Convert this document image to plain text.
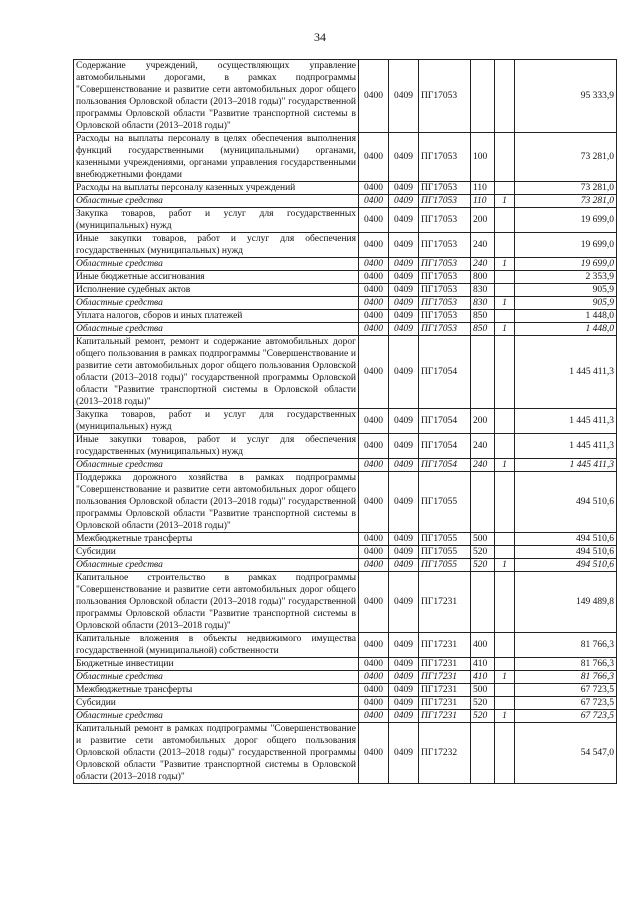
34
Содержание учреждений, осуществляющих управление автомобильными дорогами, в рамках подпрограммы "Совершенствование и развитие сети автомобильных дорог общего пользования Орловской области (2013–2018 годы)" государственной программы Орловской области "Развитие транспортной системы в Орловской области (2013–2018 годы)"	0400	0409	ПГ17053			95 333,9
Расходы на выплаты персоналу в целях обеспечения выполнения функций государственными (муниципальными) органами, казенными учреждениями, органами управления государственными внебюджетными фондами	0400	0409	ПГ17053	100		73 281,0
Расходы на выплаты персоналу казенных учреждений	0400	0409	ПГ17053	110		73 281,0
Областные средства	0400	0409	ПГ17053	110	1	73 281,0
Закупка товаров, работ и услуг для государственных (муниципальных) нужд	0400	0409	ПГ17053	200		19 699,0
Иные закупки товаров, работ и услуг для обеспечения государственных (муниципальных) нужд	0400	0409	ПГ17053	240		19 699,0
Областные средства	0400	0409	ПГ17053	240	1	19 699,0
Иные бюджетные ассигнования	0400	0409	ПГ17053	800		2 353,9
Исполнение судебных актов	0400	0409	ПГ17053	830		905,9
Областные средства	0400	0409	ПГ17053	830	1	905,9
Уплата налогов, сборов и иных платежей	0400	0409	ПГ17053	850		1 448,0
Областные средства	0400	0409	ПГ17053	850	1	1 448,0
Капитальный ремонт, ремонт и содержание автомобильных дорог общего пользования в рамках подпрограммы "Совершенствование и развитие сети автомобильных дорог общего пользования Орловской области (2013–2018 годы)" государственной программы Орловской области "Развитие транспортной системы в Орловской области (2013–2018 годы)"	0400	0409	ПГ17054			1 445 411,3
Закупка товаров, работ и услуг для государственных (муниципальных) нужд	0400	0409	ПГ17054	200		1 445 411,3
Иные закупки товаров, работ и услуг для обеспечения государственных (муниципальных) нужд	0400	0409	ПГ17054	240		1 445 411,3
Областные средства	0400	0409	ПГ17054	240	1	1 445 411,3
Поддержка дорожного хозяйства в рамках подпрограммы "Совершенствование и развитие сети автомобильных дорог общего пользования Орловской области (2013–2018 годы)" государственной программы Орловской области "Развитие транспортной системы в Орловской области (2013–2018 годы)"	0400	0409	ПГ17055			494 510,6
Межбюджетные трансферты	0400	0409	ПГ17055	500		494 510,6
Субсидии	0400	0409	ПГ17055	520		494 510,6
Областные средства	0400	0409	ПГ17055	520	1	494 510,6
Капитальное строительство в рамках подпрограммы "Совершенствование и развитие сети автомобильных дорог общего пользования Орловской области (2013–2018 годы)" государственной программы Орловской области "Развитие транспортной системы в Орловской области (2013–2018 годы)"	0400	0409	ПГ17231			149 489,8
Капитальные вложения в объекты недвижимого имущества государственной (муниципальной) собственности	0400	0409	ПГ17231	400		81 766,3
Бюджетные инвестиции	0400	0409	ПГ17231	410		81 766,3
Областные средства	0400	0409	ПГ17231	410	1	81 766,3
Межбюджетные трансферты	0400	0409	ПГ17231	500		67 723,5
Субсидии	0400	0409	ПГ17231	520		67 723,5
Областные средства	0400	0409	ПГ17231	520	1	67 723,5
Капитальный ремонт в рамках подпрограммы "Совершенствование и развитие сети автомобильных дорог общего пользования Орловской области (2013–2018 годы)" государственной программы Орловской области "Развитие транспортной системы в Орловской области (2013–2018 годы)"	0400	0409	ПГ17232			54 547,0
